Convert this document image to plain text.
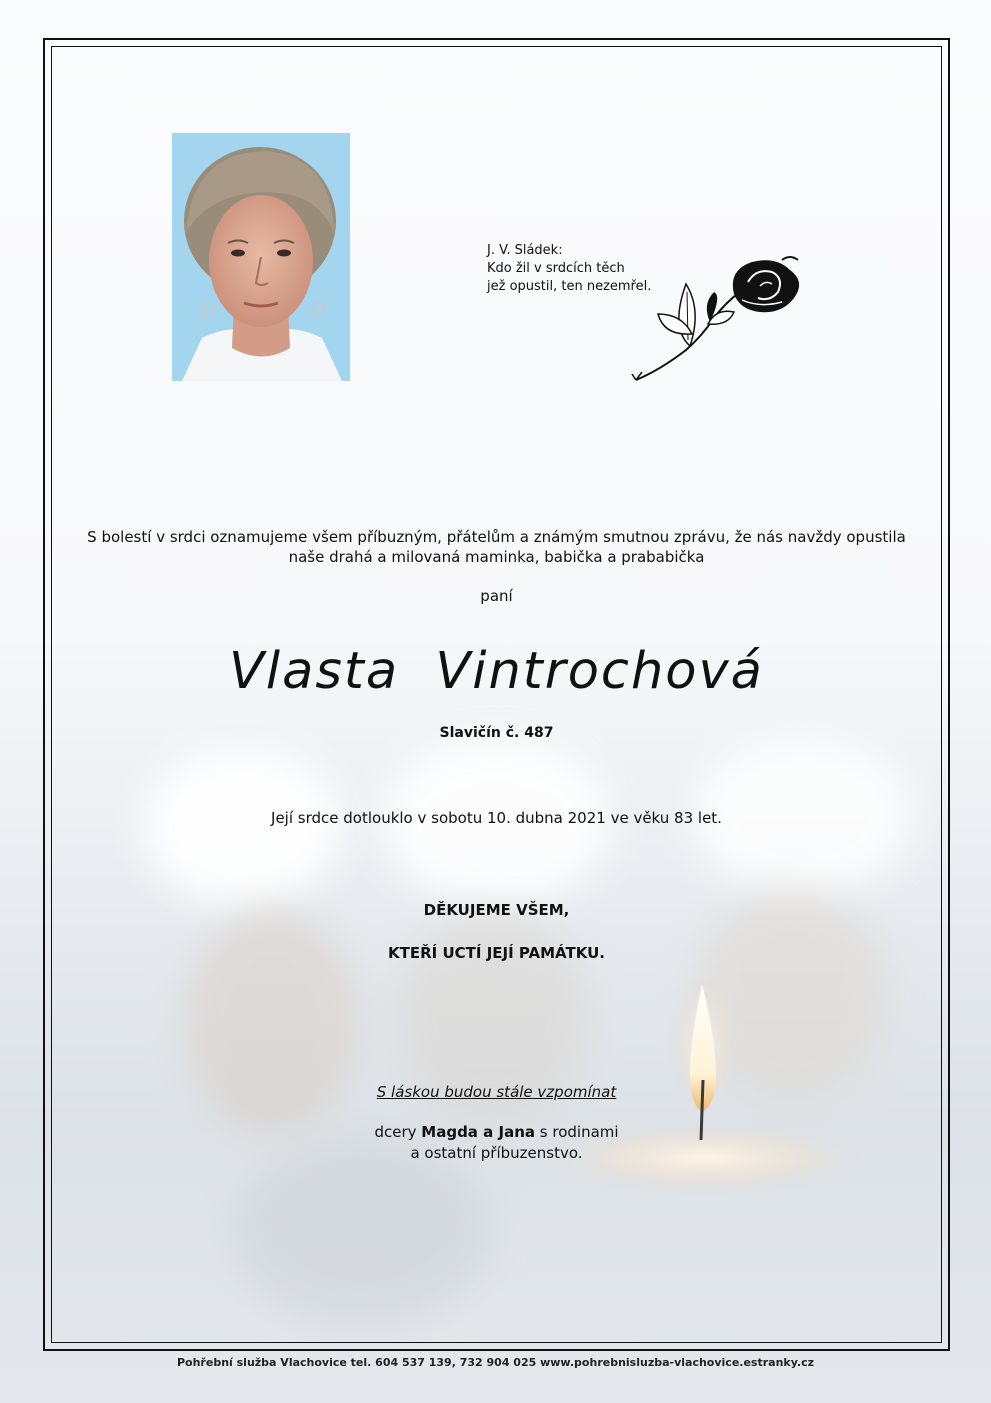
J. V. Sládek:
Kdo žil v srdcích těch
jež opustil, ten nezemřel.
S bolestí v srdci oznamujeme všem příbuzným, přátelům a známým smutnou zprávu, že nás navždy opustila
naše drahá a milovaná maminka, babička a prababička
paní
Vlasta Vintrochová
Slavičín č. 487
Její srdce dotlouklo v sobotu 10. dubna 2021 ve věku 83 let.
DĚKUJEME VŠEM,
KTEŘÍ UCTÍ JEJÍ PAMÁTKU.
S láskou budou stále vzpomínat
dcery Magda a Jana s rodinami
a ostatní příbuzenstvo.
Pohřební služba Vlachovice tel. 604 537 139, 732 904 025 www.pohrebnisluzba-vlachovice.estranky.cz
